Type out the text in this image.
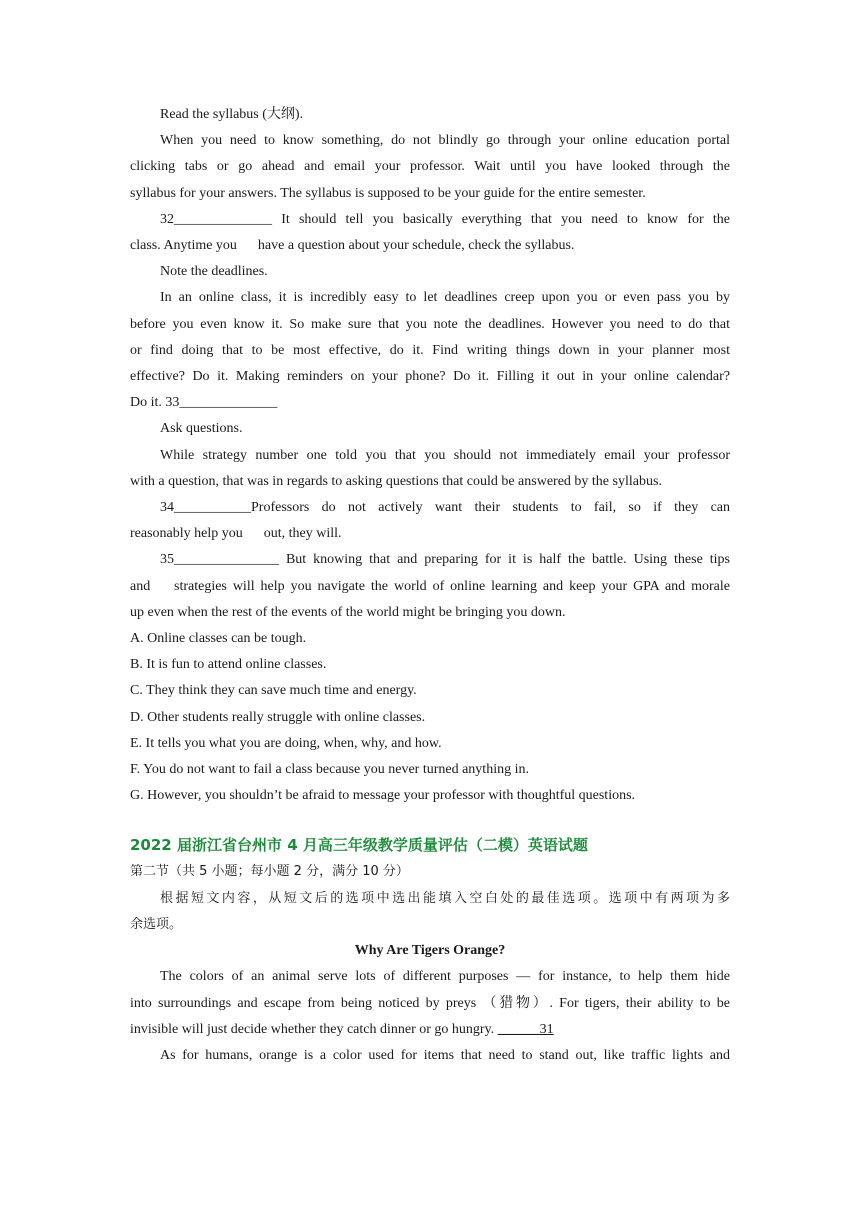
Read the syllabus (大纲).

When you need to know something, do not blindly go through your online education portal

clicking tabs or go ahead and email your professor. Wait until you have looked through the

syllabus for your answers. The syllabus is supposed to be your guide for the entire semester.

32______________ It should tell you basically everything that you need to know for the

class. Anytime you      have a question about your schedule, check the syllabus.

Note the deadlines.

In an online class, it is incredibly easy to let deadlines creep upon you or even pass you by

before you even know it. So make sure that you note the deadlines. However you need to do that

or find doing that to be most effective, do it. Find writing things down in your planner most

effective? Do it. Making reminders on your phone? Do it. Filling it out in your online calendar?

Do it. 33______________

Ask questions.

While strategy number one told you that you should not immediately email your professor

with a question, that was in regards to asking questions that could be answered by the syllabus.

34___________Professors do not actively want their students to fail, so if they can

reasonably help you      out, they will.

35_______________ But knowing that and preparing for it is half the battle. Using these tips

and    strategies will help you navigate the world of online learning and keep your GPA and morale

up even when the rest of the events of the world might be bringing you down.

A. Online classes can be tough.

B. It is fun to attend online classes.

C. They think they can save much time and energy.

D. Other students really struggle with online classes.

E. It tells you what you are doing, when, why, and how.

F. You do not want to fail a class because you never turned anything in.

G. However, you shouldn’t be afraid to message your professor with thoughtful questions.

2022 届浙江省台州市 4 月高三年级教学质量评估（二模）英语试题

第二节（共 5 小题；每小题 2 分，满分 10 分）

根据短文内容，从短文后的选项中选出能填入空白处的最佳选项。选项中有两项为多

余选项。

Why Are Tigers Orange?

The colors of an animal serve lots of different purposes — for instance, to help them hide

into surroundings and escape from being noticed by preys （猎物）. For tigers, their ability to be

invisible will just decide whether they catch dinner or go hungry. ______31

As for humans, orange is a color used for items that need to stand out, like traffic lights and
